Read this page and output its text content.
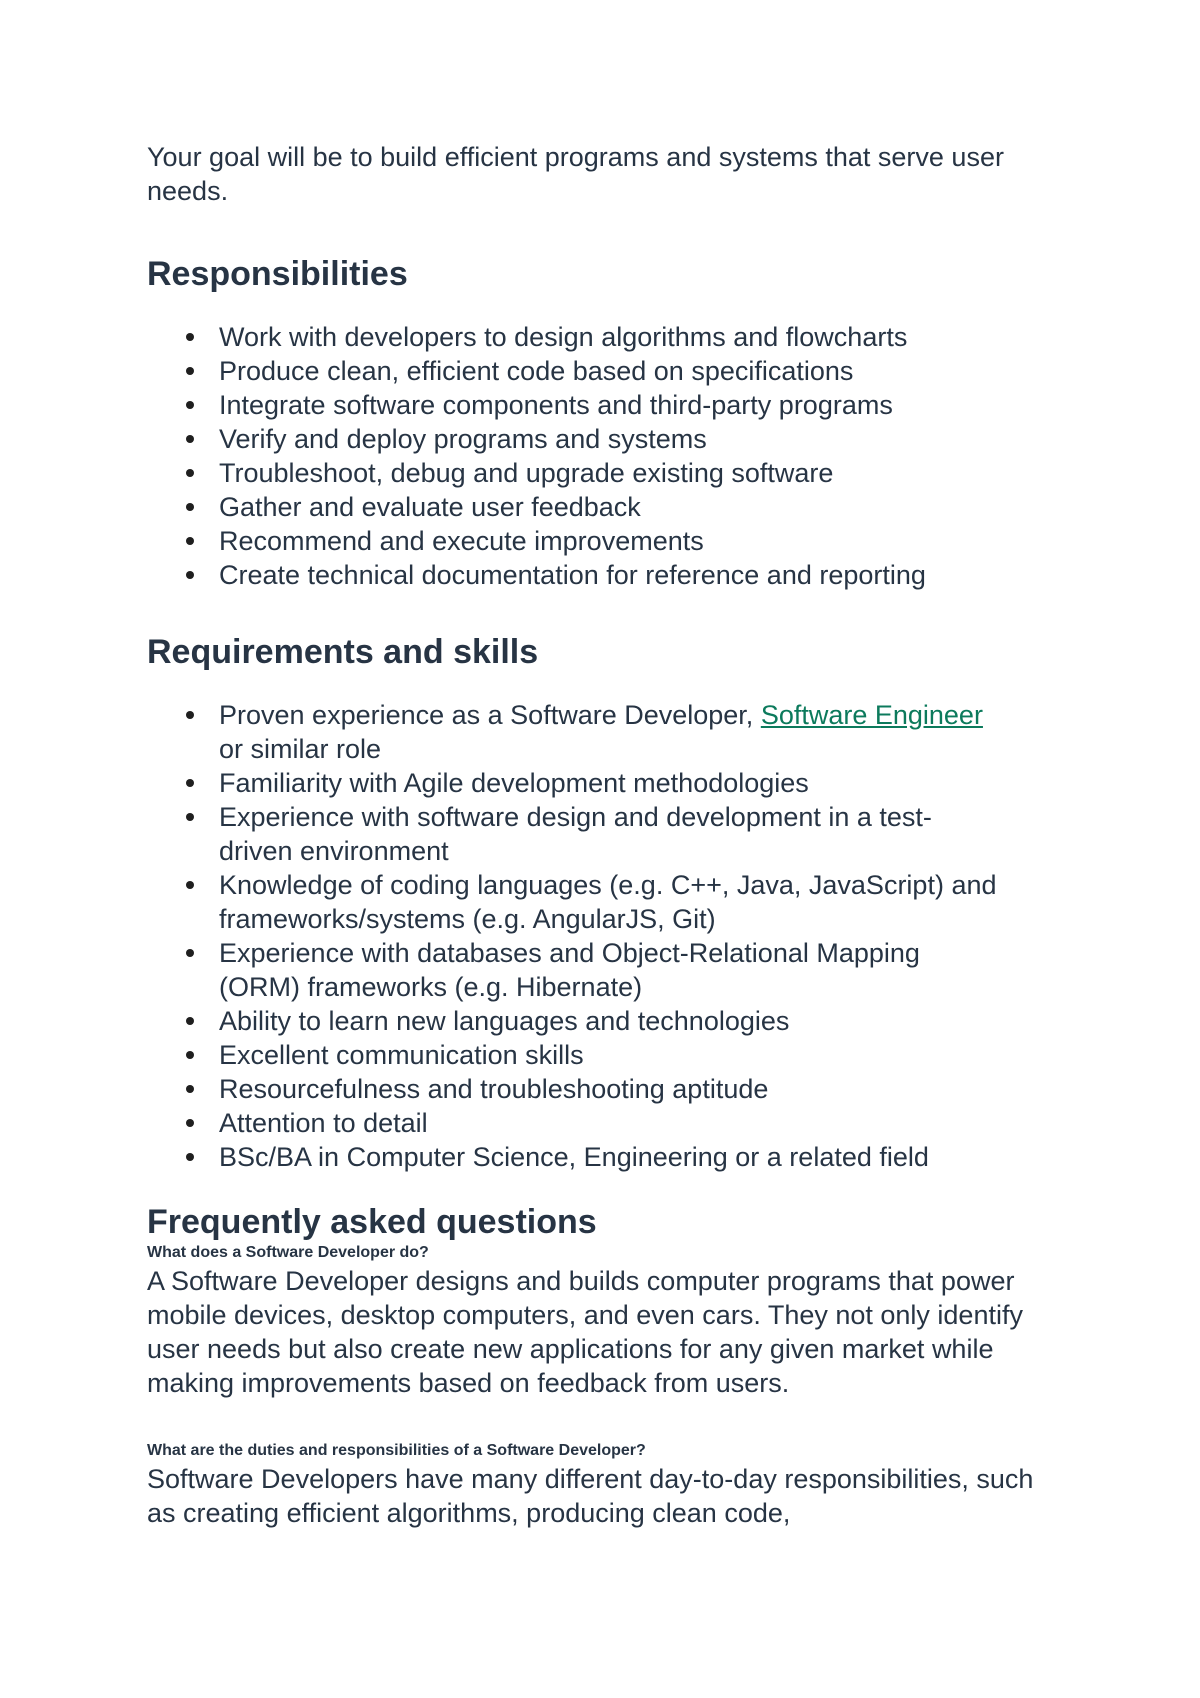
Your goal will be to build efficient programs and systems that serve user needs.

Responsibilities
Work with developers to design algorithms and flowcharts
Produce clean, efficient code based on specifications
Integrate software components and third-party programs
Verify and deploy programs and systems
Troubleshoot, debug and upgrade existing software
Gather and evaluate user feedback
Recommend and execute improvements
Create technical documentation for reference and reporting
Requirements and skills
Proven experience as a Software Developer, Software Engineer or similar role
Familiarity with Agile development methodologies
Experience with software design and development in a test-driven environment
Knowledge of coding languages (e.g. C++, Java, JavaScript) and frameworks/systems (e.g. AngularJS, Git)
Experience with databases and Object-Relational Mapping (ORM) frameworks (e.g. Hibernate)
Ability to learn new languages and technologies
Excellent communication skills
Resourcefulness and troubleshooting aptitude
Attention to detail
BSc/BA in Computer Science, Engineering or a related field
Frequently asked questions

What does a Software Developer do?

A Software Developer designs and builds computer programs that power mobile devices, desktop computers, and even cars. They not only identify user needs but also create new applications for any given market while making improvements based on feedback from users.

What are the duties and responsibilities of a Software Developer?

Software Developers have many different day-to-day responsibilities, such as creating efficient algorithms, producing clean code,
